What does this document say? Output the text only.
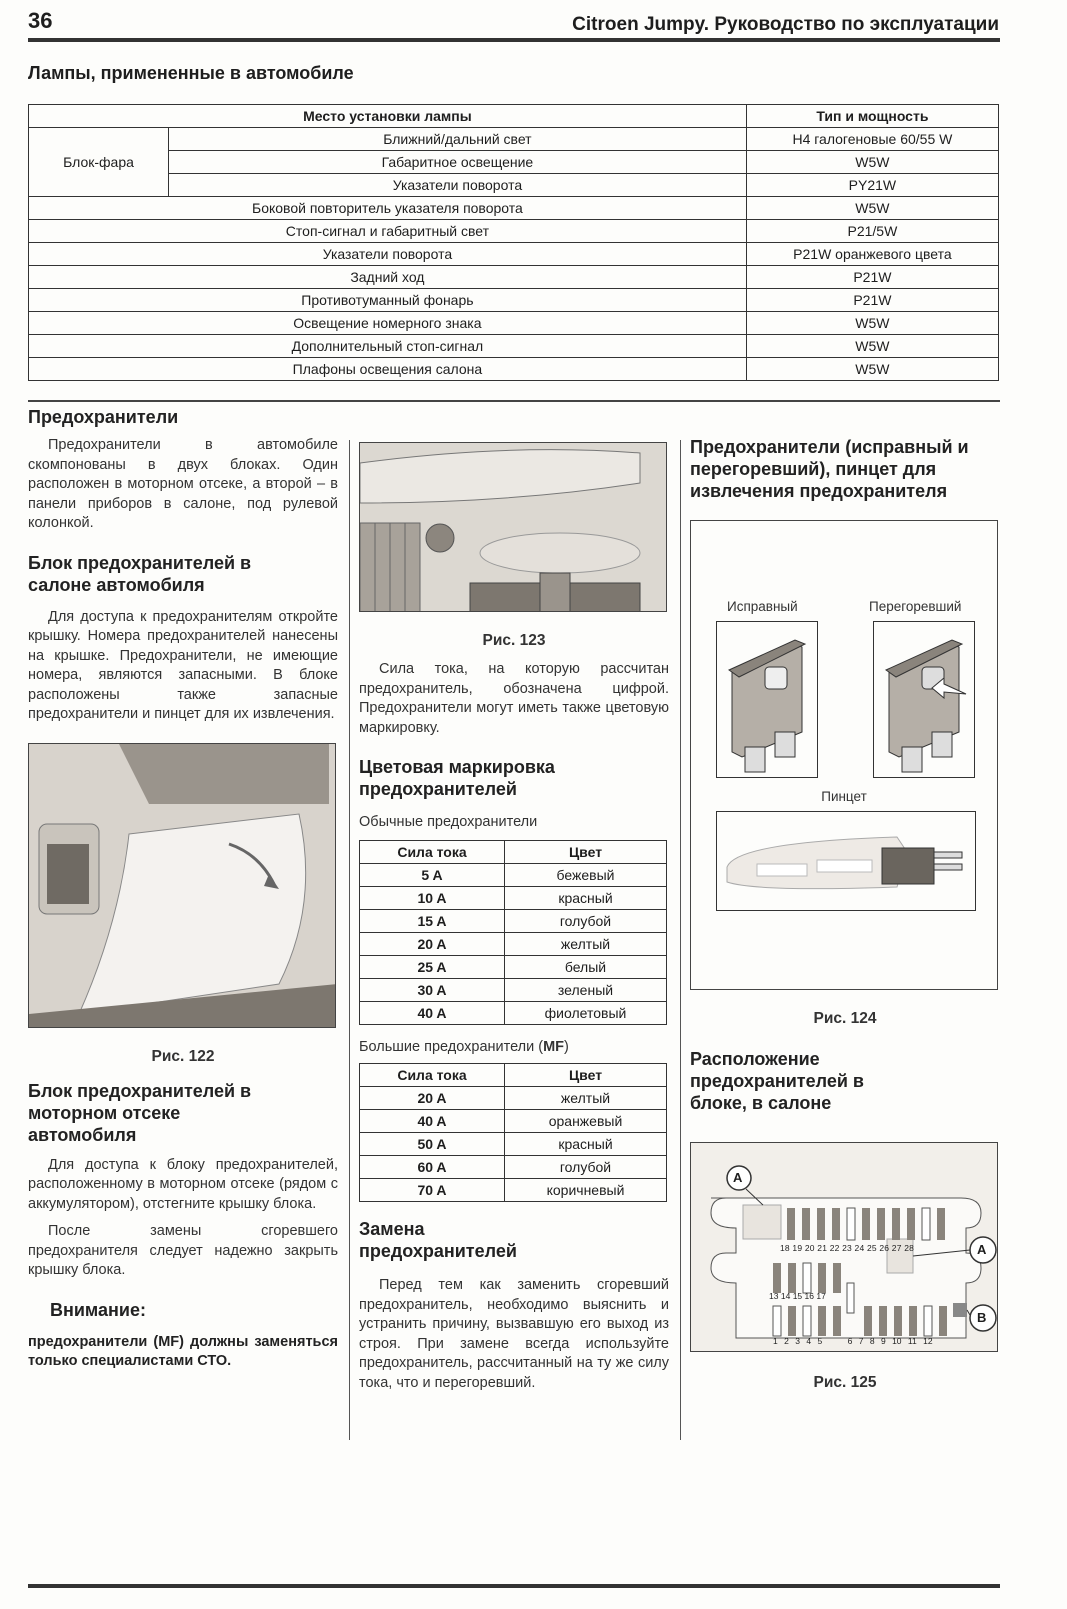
36	Citroen Jumpy. Руководство по эксплуатации
Лампы, примененные в автомобиле
Место установки лампы		Тип и мощность
Блок-фара	Ближний/дальний свет	H4 галогеновые 60/55 W
	Габаритное освещение	W5W
	Указатели поворота	PY21W
Боковой повторитель указателя поворота		W5W
Стоп-сигнал и габаритный свет		P21/5W
Указатели поворота		P21W оранжевого цвета
Задний ход		P21W
Противотуманный фонарь		P21W
Освещение номерного знака		W5W
Дополнительный стоп-сигнал		W5W
Плафоны освещения салона		W5W
Предохранители

Предохранители в автомобиле скомпонованы в двух блоках. Один расположен в моторном отсеке, а второй – в панели приборов в салоне, под рулевой колонкой.

Блок предохранителей в салоне автомобиля

Для доступа к предохранителям откройте крышку. Номера предохранителей нанесены на крышке. Предохранители, не имеющие номера, являются запасными. В блоке расположены также запасные предохранители и пинцет для их извлечения.

Рис. 122
Блок предохранителей в моторном отсеке автомобиля

Для доступа к блоку предохранителей, расположенному в моторном отсеке (рядом с аккумулятором), отстегните крышку блока.

После замены сгоревшего предохранителя следует надежно закрыть крышку блока.

Внимание:

предохранители (MF) должны заменяться только специалистами СТО.

Рис. 123

Сила тока, на которую рассчитан предохранитель, обозначена цифрой. Предохранители могут иметь также цветовую маркировку.

Цветовая маркировка предохранителей
Обычные предохранители
Сила тока	Цвет
5 A	бежевый
10 A	красный
15 A	голубой
20 A	желтый
25 A	белый
30 A	зеленый
40 A	фиолетовый
Большие предохранители (MF)
Сила тока	Цвет
20 A	желтый
40 A	оранжевый
50 A	красный
60 A	голубой
70 A	коричневый
Замена предохранителей

Перед тем как заменить сгоревший предохранитель, необходимо выяснить и устранить причину, вызвавшую его выход из строя. При замене всегда используйте предохранитель, рассчитанный на ту же силу тока, что и перегоревший.

Предохранители (исправный и перегоревший), пинцет для извлечения предохранителя
Исправный	Перегоревший
Пинцет
Рис. 124
Расположение предохранителей в блоке, в салоне
18 19 20 21 22 23 24 25 26 27 28
13 14 15 16 17
1 2 3 4 5	6 7 8 9 10 11 12
A
A
B
Рис. 125
